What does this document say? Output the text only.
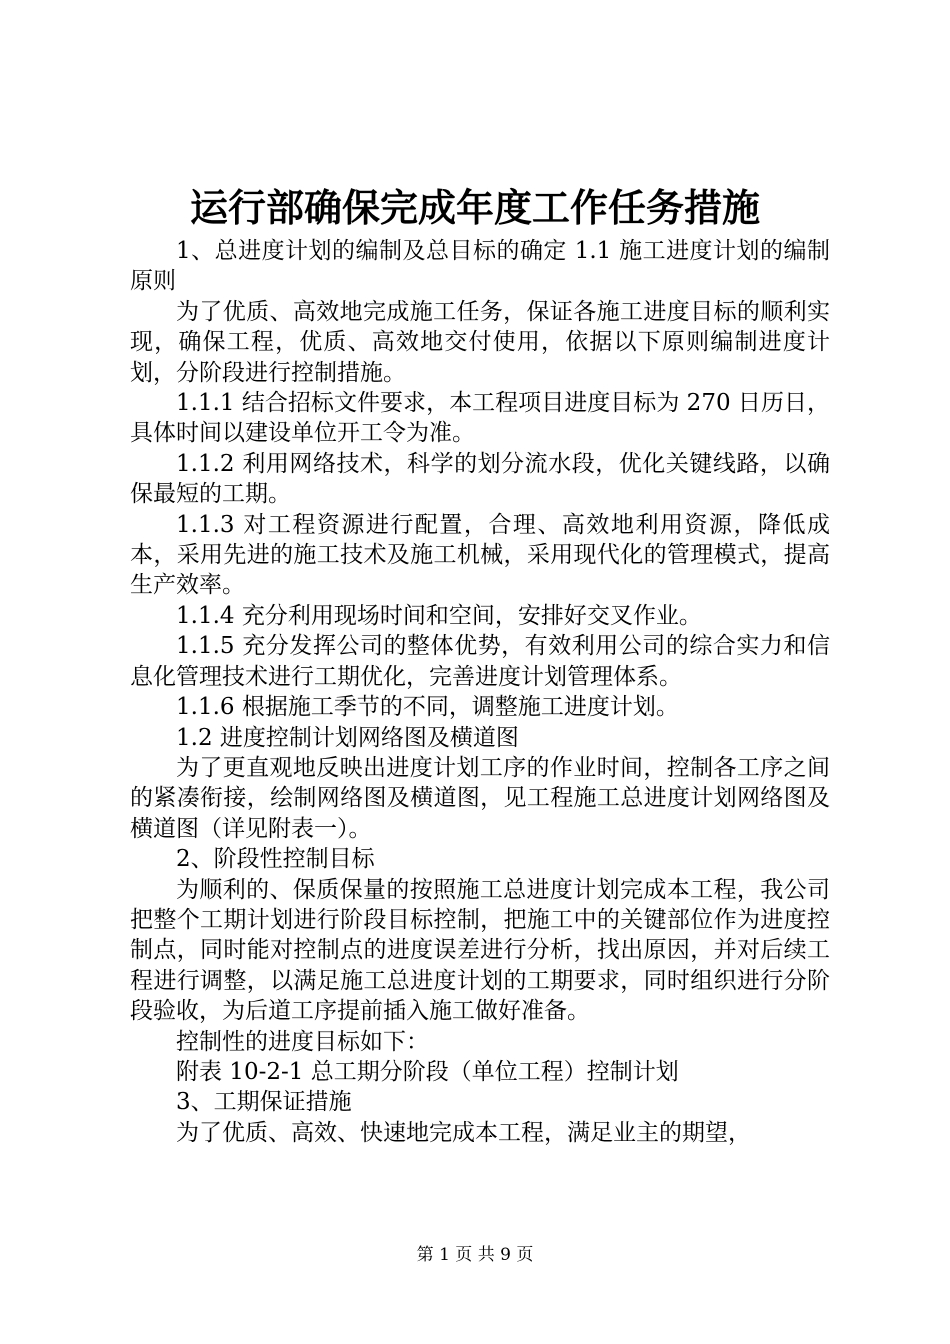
运行部确保完成年度工作任务措施

1、总进度计划的编制及总目标的确定 1.1 施工进度计划的编制原则

为了优质、高效地完成施工任务，保证各施工进度目标的顺利实现，确保工程，优质、高效地交付使用，依据以下原则编制进度计划，分阶段进行控制措施。

1.1.1 结合招标文件要求，本工程项目进度目标为 270 日历日，具体时间以建设单位开工令为准。

1.1.2 利用网络技术，科学的划分流水段，优化关键线路，以确保最短的工期。

1.1.3 对工程资源进行配置，合理、高效地利用资源，降低成本，采用先进的施工技术及施工机械，采用现代化的管理模式，提高生产效率。

1.1.4 充分利用现场时间和空间，安排好交叉作业。

1.1.5 充分发挥公司的整体优势，有效利用公司的综合实力和信息化管理技术进行工期优化，完善进度计划管理体系。

1.1.6 根据施工季节的不同，调整施工进度计划。

1.2 进度控制计划网络图及横道图

为了更直观地反映出进度计划工序的作业时间，控制各工序之间的紧凑衔接，绘制网络图及横道图，见工程施工总进度计划网络图及横道图（详见附表一）。

2、阶段性控制目标

为顺利的、保质保量的按照施工总进度计划完成本工程，我公司把整个工期计划进行阶段目标控制，把施工中的关键部位作为进度控制点，同时能对控制点的进度误差进行分析，找出原因，并对后续工程进行调整，以满足施工总进度计划的工期要求，同时组织进行分阶段验收，为后道工序提前插入施工做好准备。

控制性的进度目标如下：

附表 10-2-1 总工期分阶段（单位工程）控制计划

3、工期保证措施

为了优质、高效、快速地完成本工程，满足业主的期望，

第 1 页 共 9 页
